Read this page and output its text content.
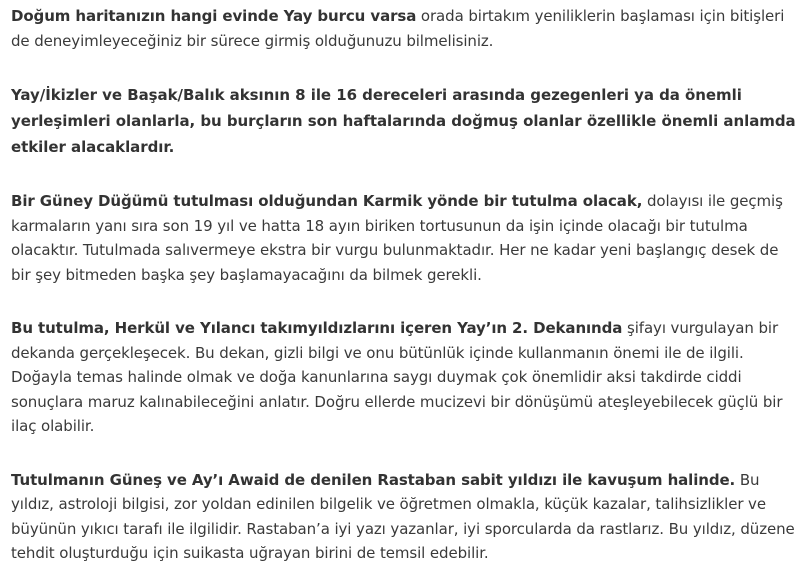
Doğum haritanızın hangi evinde Yay burcu varsa orada birtakım yeniliklerin başlaması için bitişleri de deneyimleyeceğiniz bir sürece girmiş olduğunuzu bilmelisiniz.

Yay/İkizler ve Başak/Balık aksının 8 ile 16 dereceleri arasında gezegenleri ya da önemli yerleşimleri olanlarla, bu burçların son haftalarında doğmuş olanlar özellikle önemli anlamda etkiler alacaklardır.

Bir Güney Düğümü tutulması olduğundan Karmik yönde bir tutulma olacak, dolayısı ile geçmiş karmaların yanı sıra son 19 yıl ve hatta 18 ayın biriken tortusunun da işin içinde olacağı bir tutulma olacaktır. Tutulmada salıvermeye ekstra bir vurgu bulunmaktadır. Her ne kadar yeni başlangıç desek de bir şey bitmeden başka şey başlamayacağını da bilmek gerekli.

Bu tutulma, Herkül ve Yılancı takımyıldızlarını içeren Yay’ın 2. Dekanında şifayı vurgulayan bir dekanda gerçekleşecek. Bu dekan, gizli bilgi ve onu bütünlük içinde kullanmanın önemi ile de ilgili. Doğayla temas halinde olmak ve doğa kanunlarına saygı duymak çok önemlidir aksi takdirde ciddi sonuçlara maruz kalınabileceğini anlatır. Doğru ellerde mucizevi bir dönüşümü ateşleyebilecek güçlü bir ilaç olabilir.

Tutulmanın Güneş ve Ay’ı Awaid de denilen Rastaban sabit yıldızı ile kavuşum halinde. Bu yıldız, astroloji bilgisi, zor yoldan edinilen bilgelik ve öğretmen olmakla, küçük kazalar, talihsizlikler ve büyünün yıkıcı tarafı ile ilgilidir. Rastaban’a iyi yazı yazanlar, iyi sporcularda da rastlarız. Bu yıldız, düzene tehdit oluşturduğu için suikasta uğrayan birini de temsil edebilir.
